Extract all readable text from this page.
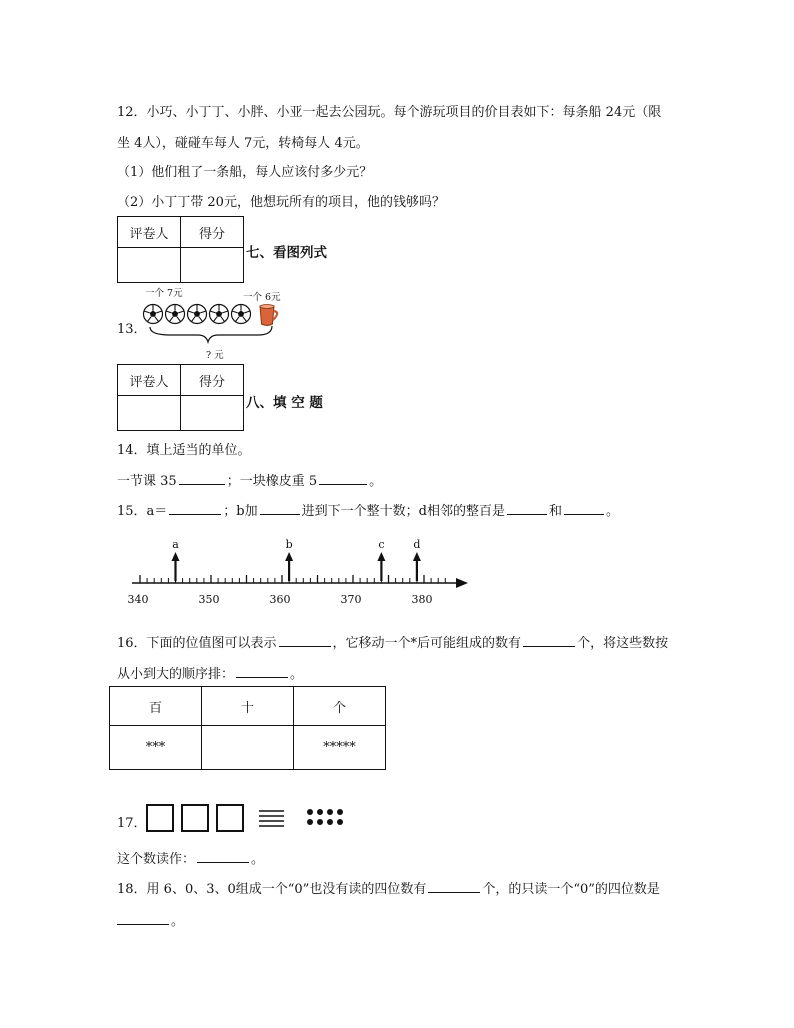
12．小巧、小丁丁、小胖、小亚一起去公园玩。每个游玩项目的价目表如下：每条船 24元（限
坐 4人），碰碰车每人 7元，转椅每人 4元。
（1）他们租了一条船，每人应该付多少元？
（2）小丁丁带 20元，他想玩所有的项目，他的钱够吗？
评卷人	得分

七、看图列式
一个 7元	一个 6元
13．
? 元
评卷人	得分

八、填 空 题
14．填上适当的单位。
一节课 35	；一块橡皮重 5	。
15．a＝	；b加	进到下一个整十数；d相邻的整百是	和	。
340	350	360	370	380
a	b	c	d
16．下面的位值图可以表示	，它移动一个*后可能组成的数有	个，将这些数按
从小到大的顺序排：	。
百	十	个
***		*****
17．
这个数读作：	。
18．用 6、0、3、0组成一个“0”也没有读的四位数有	个，的只读一个“0”的四位数是
。
